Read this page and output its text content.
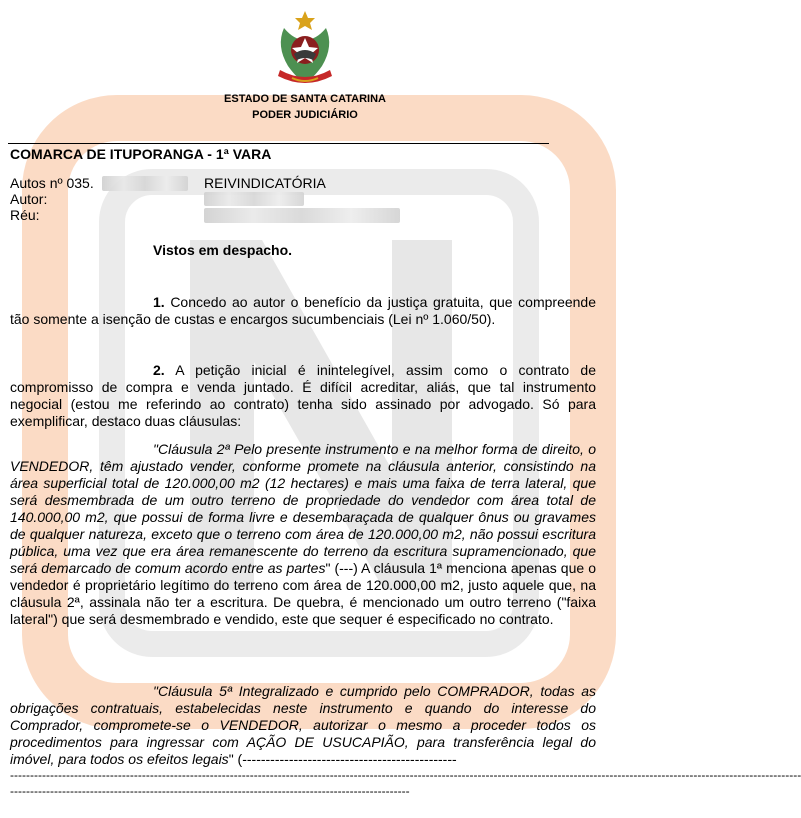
ESTADO DE SANTA CATARINA
PODER JUDICIÁRIO
COMARCA DE ITUPORANGA - 1ª VARA
Autos nº 035.	REIVINDICATÓRIA
Autor:
Réu:
Vistos em despacho.
1. Concedo ao autor o benefício da justiça gratuita, que compreende tão somente a isenção de custas e encargos sucumbenciais (Lei nº 1.060/50).
2. A petição inicial é inintelegível, assim como o contrato de compromisso de compra e venda juntado. É difícil acreditar, aliás, que tal instrumento negocial (estou me referindo ao contrato) tenha sido assinado por advogado. Só para exemplificar, destaco duas cláusulas:
"Cláusula 2ª Pelo presente instrumento e na melhor forma de direito, o VENDEDOR, têm ajustado vender, conforme promete na cláusula anterior, consistindo na área superficial total de 120.000,00 m2 (12 hectares) e mais uma faixa de terra lateral, que será desmembrada de um outro terreno de propriedade do vendedor com área total de 140.000,00 m2, que possui de forma livre e desembaraçada de qualquer ônus ou gravames de qualquer natureza, exceto que o terreno com área de 120.000,00 m2, não possui escritura pública, uma vez que era área remanescente do terreno da escritura supramencionado, que será demarcado de comum acordo entre as partes" (---) A cláusula 1ª menciona apenas que o vendedor é proprietário legítimo do terreno com área de 120.000,00 m2, justo aquele que, na cláusula 2ª, assinala não ter a escritura. De quebra, é mencionado um outro terreno ("faixa lateral") que será desmembrado e vendido, este que sequer é especificado no contrato.
"Cláusula 5ª Integralizado e cumprido pelo COMPRADOR, todas as obrigações contratuais, estabelecidas neste instrumento e quando do interesse do Comprador, compromete-se o VENDEDOR, autorizar o mesmo a proceder todos os procedimentos para ingressar com AÇÃO DE USUCAPIÃO, para transferência legal do imóvel, para todos os efeitos legais" (----------------------------------------------
------------------------------------------------------------------------------------------------------------------------------------------------------------------------------------------------------
----------------------------------------------------------------------------------------------------
